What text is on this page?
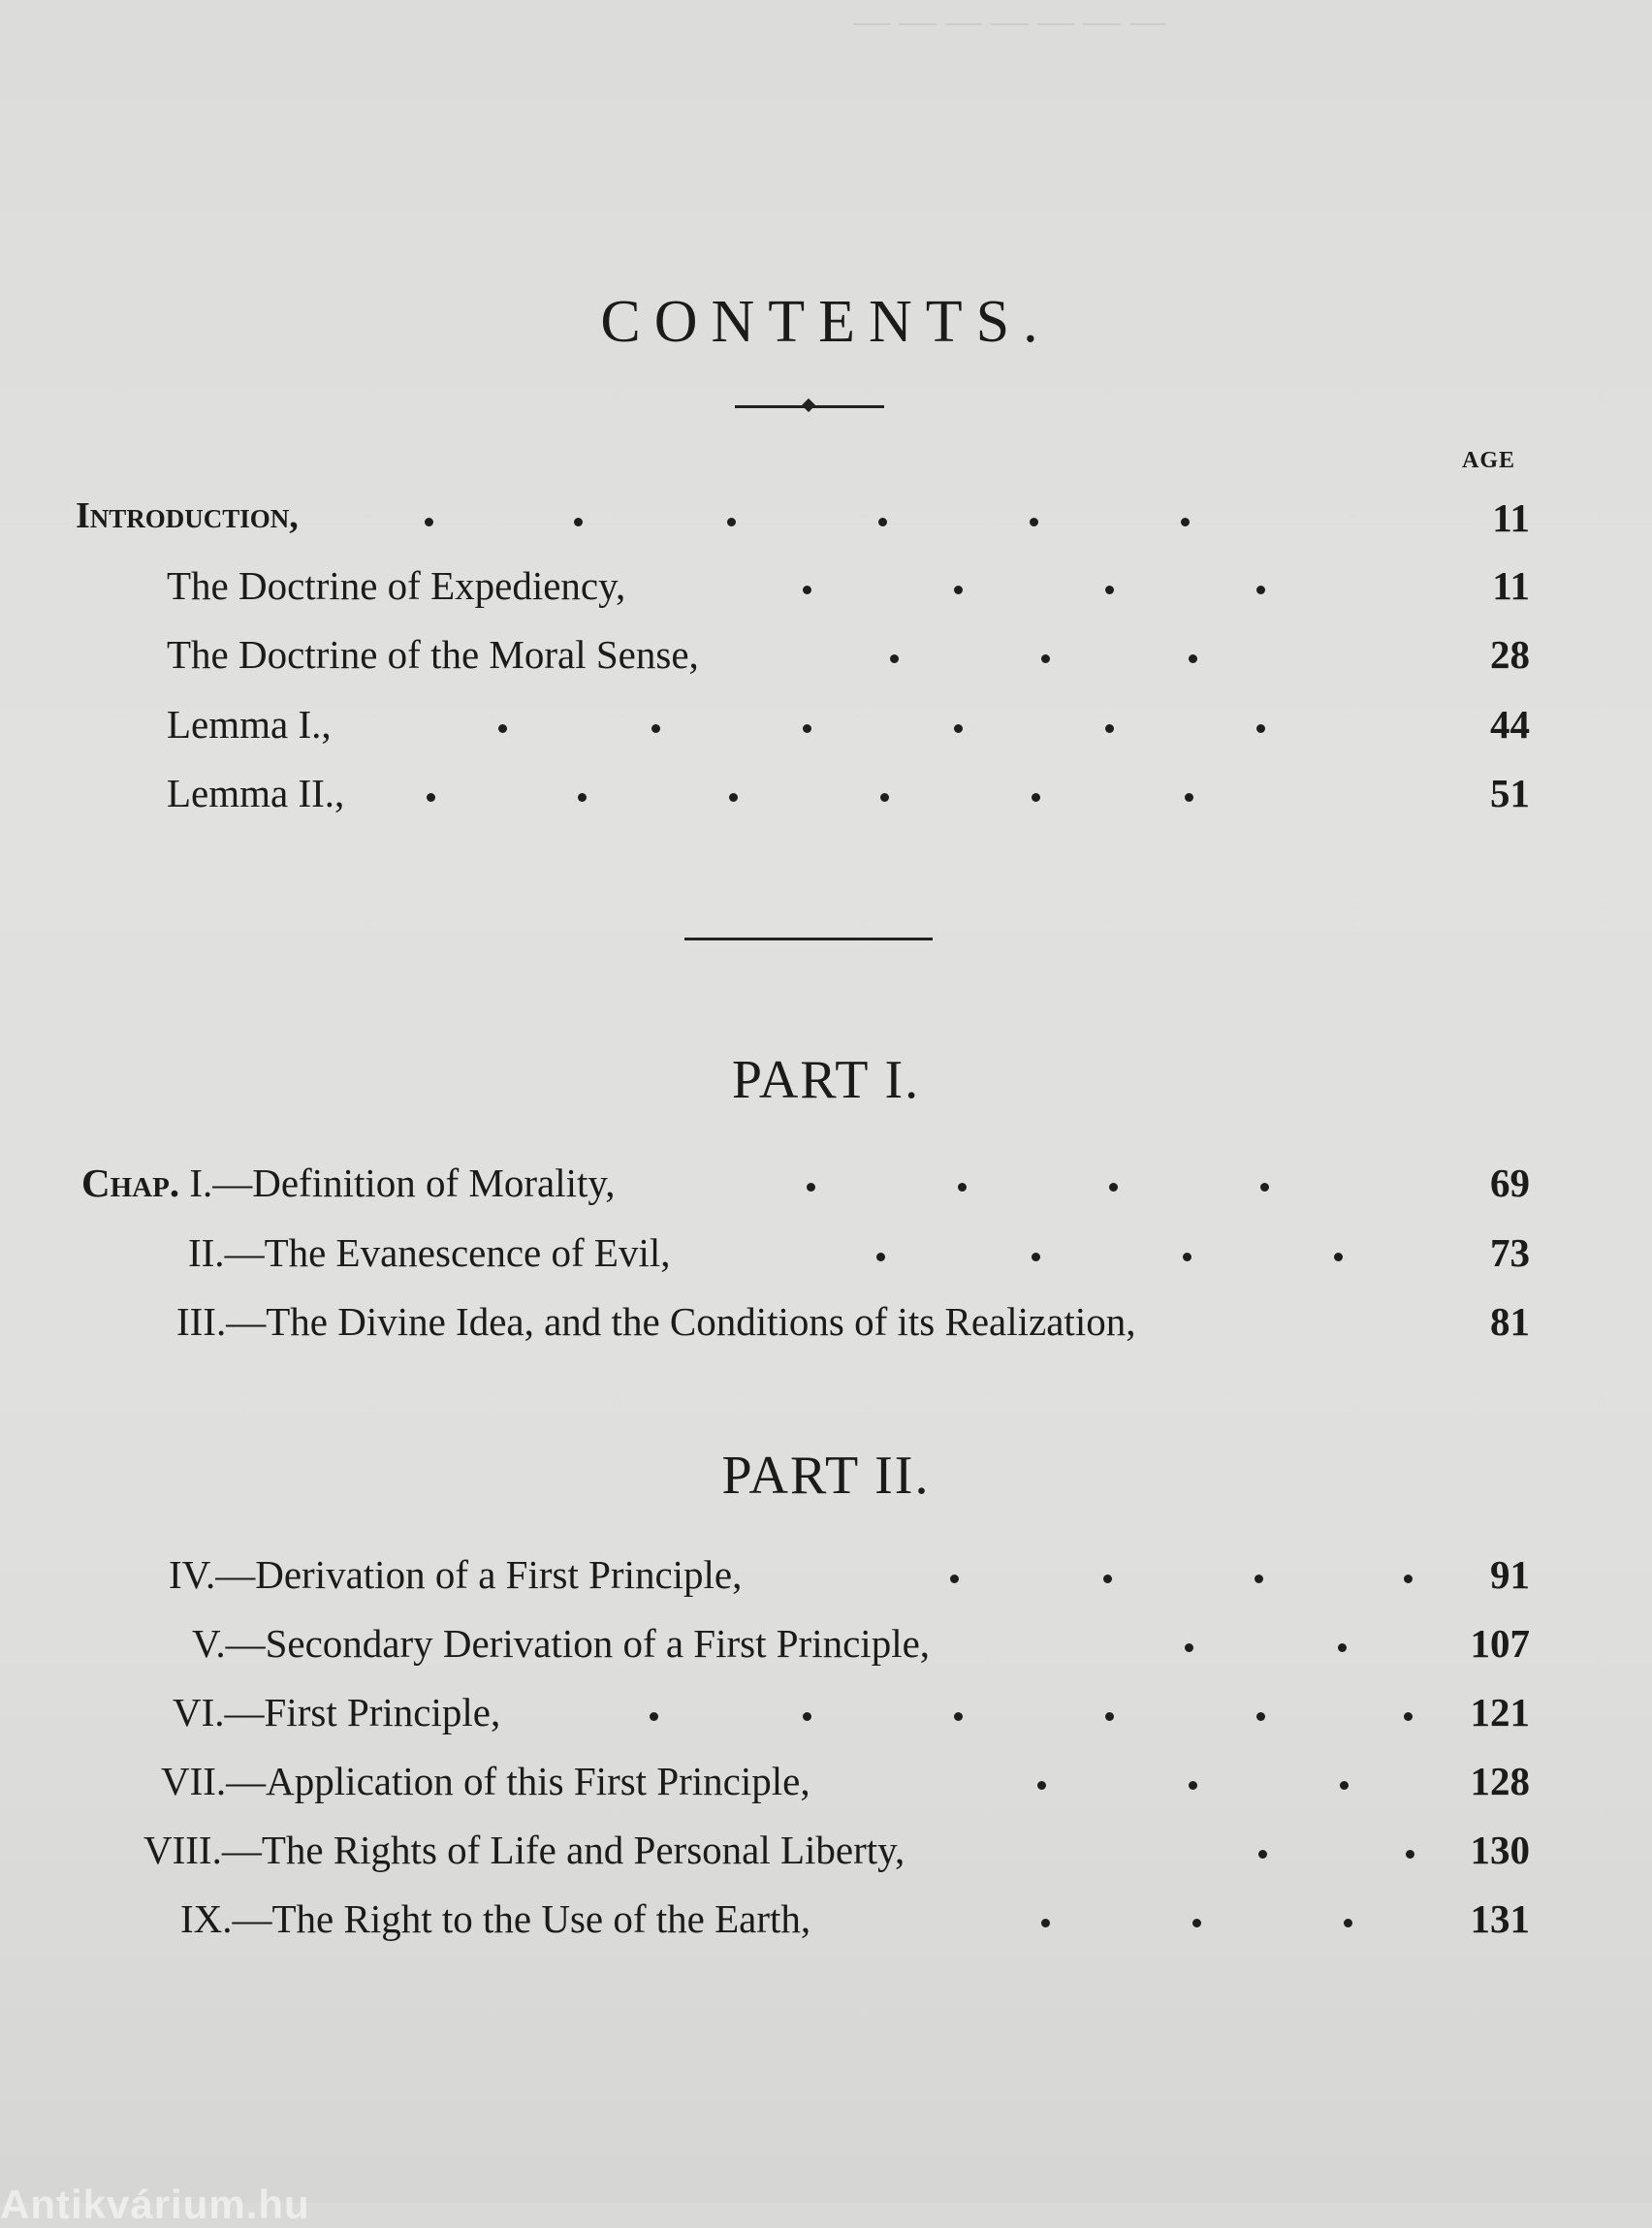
— — — — — — —
CONTENTS.
AGE
Introduction,	11
The Doctrine of Expediency,	11
The Doctrine of the Moral Sense,	28
Lemma I.,	44
Lemma II.,	51
PART I.
Chap. I.—Definition of Morality,	69
II.—The Evanescence of Evil,	73
III.—The Divine Idea, and the Conditions of its Realization,	81
PART II.
IV.—Derivation of a First Principle,	91
V.—Secondary Derivation of a First Principle,	107
VI.—First Principle,	121
VII.—Application of this First Principle,	128
VIII.—The Rights of Life and Personal Liberty,	130
IX.—The Right to the Use of the Earth,	131
Antikvárium.hu
